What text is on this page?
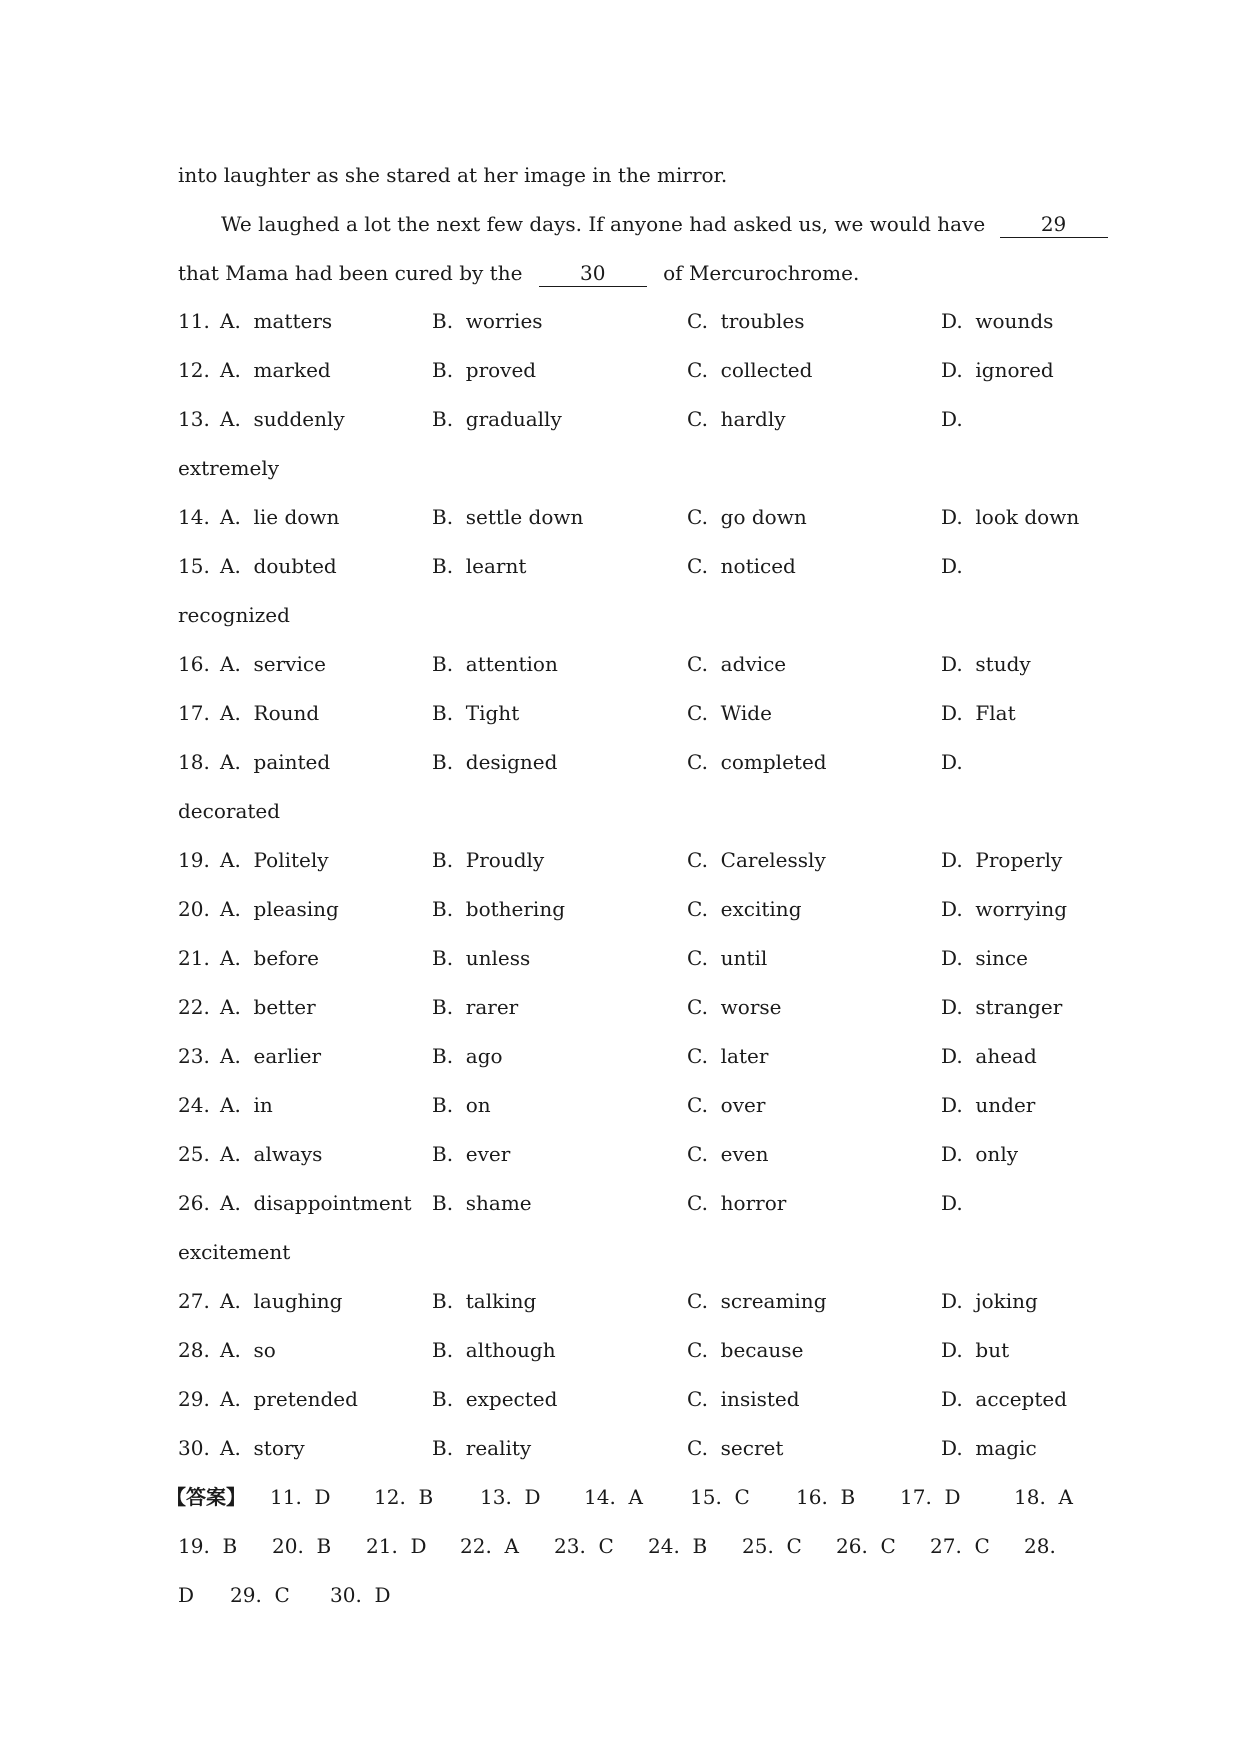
into laughter as she stared at her image in the mirror.
We laughed a lot the next few days. If anyone had asked us, we would have	29
that Mama had been cured by the	30	of Mercurochrome.
11. A.  matters	B.  worries	C.  troubles	D.  wounds
12. A.  marked	B.  proved	C.  collected	D.  ignored
13. A.  suddenly	B.  gradually	C.  hardly	D.
extremely
14. A.  lie down	B.  settle down	C.  go down	D.  look down
15. A.  doubted	B.  learnt	C.  noticed	D.
recognized
16. A.  service	B.  attention	C.  advice	D.  study
17. A.  Round	B.  Tight	C.  Wide	D.  Flat
18. A.  painted	B.  designed	C.  completed	D.
decorated
19. A.  Politely	B.  Proudly	C.  Carelessly	D.  Properly
20. A.  pleasing	B.  bothering	C.  exciting	D.  worrying
21. A.  before	B.  unless	C.  until	D.  since
22. A.  better	B.  rarer	C.  worse	D.  stranger
23. A.  earlier	B.  ago	C.  later	D.  ahead
24. A.  in	B.  on	C.  over	D.  under
25. A.  always	B.  ever	C.  even	D.  only
26. A.  disappointment B.  shame	C.  horror	D.
excitement
27. A.  laughing	B.  talking	C.  screaming	D.  joking
28. A.  so	B.  although	C.  because	D.  but
29. A.  pretended	B.  expected	C.  insisted	D.  accepted
30. A.  story	B.  reality	C.  secret	D.  magic
【答案】 11.  D 12.  B 13.  D 14.  A 15.  C 16.  B 17.  D	18.  A
19.  B 20.  B 21.  D 22.  A 23.  C 24.  B 25.  C 26.  C 27.  C 28.
D 29.  C 30.  D
